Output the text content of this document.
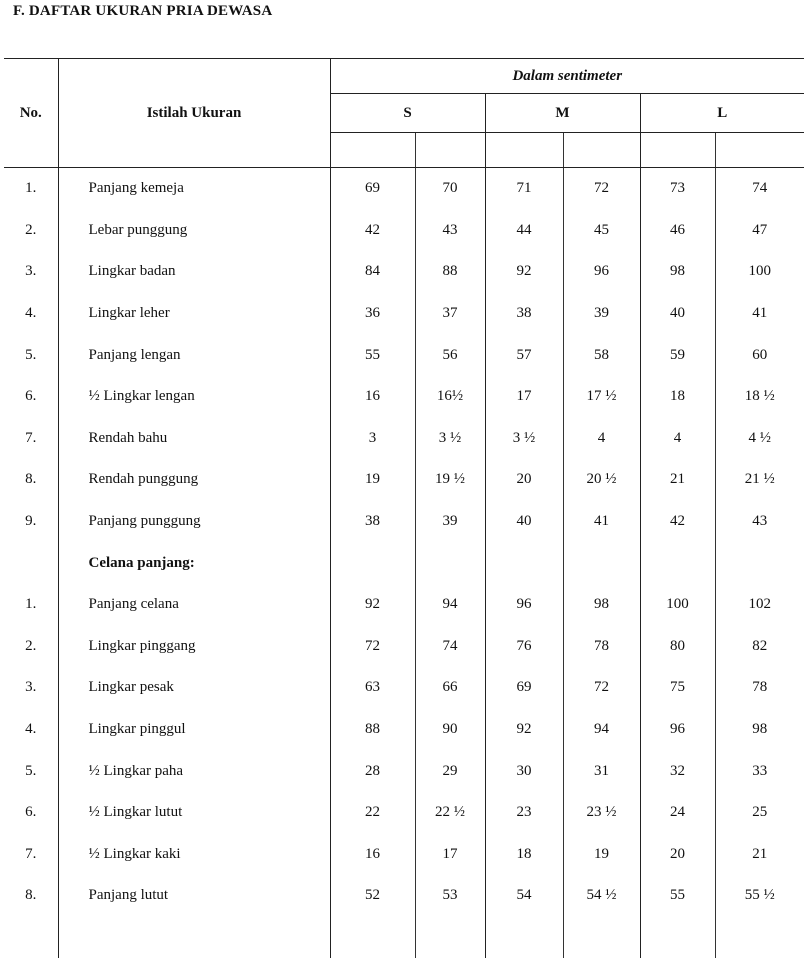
F. DAFTAR UKURAN PRIA DEWASA
No.	Istilah Ukuran	Dalam sentimeter					
		S		M		L	

1.	Panjang kemeja	69	70	71	72	73	74
2.	Lebar punggung	42	43	44	45	46	47
3.	Lingkar badan	84	88	92	96	98	100
4.	Lingkar leher	36	37	38	39	40	41
5.	Panjang lengan	55	56	57	58	59	60
6.	½ Lingkar lengan	16	16½	17	17 ½	18	18 ½
7.	Rendah bahu	3	3 ½	3 ½	4	4	4 ½
8.	Rendah punggung	19	19 ½	20	20 ½	21	21 ½
9.	Panjang punggung	38	39	40	41	42	43
	Celana panjang:						
1.	Panjang celana	92	94	96	98	100	102
2.	Lingkar pinggang	72	74	76	78	80	82
3.	Lingkar pesak	63	66	69	72	75	78
4.	Lingkar pinggul	88	90	92	94	96	98
5.	½ Lingkar paha	28	29	30	31	32	33
6.	½ Lingkar lutut	22	22 ½	23	23 ½	24	25
7.	½ Lingkar kaki	16	17	18	19	20	21
8.	Panjang lutut	52	53	54	54 ½	55	55 ½
